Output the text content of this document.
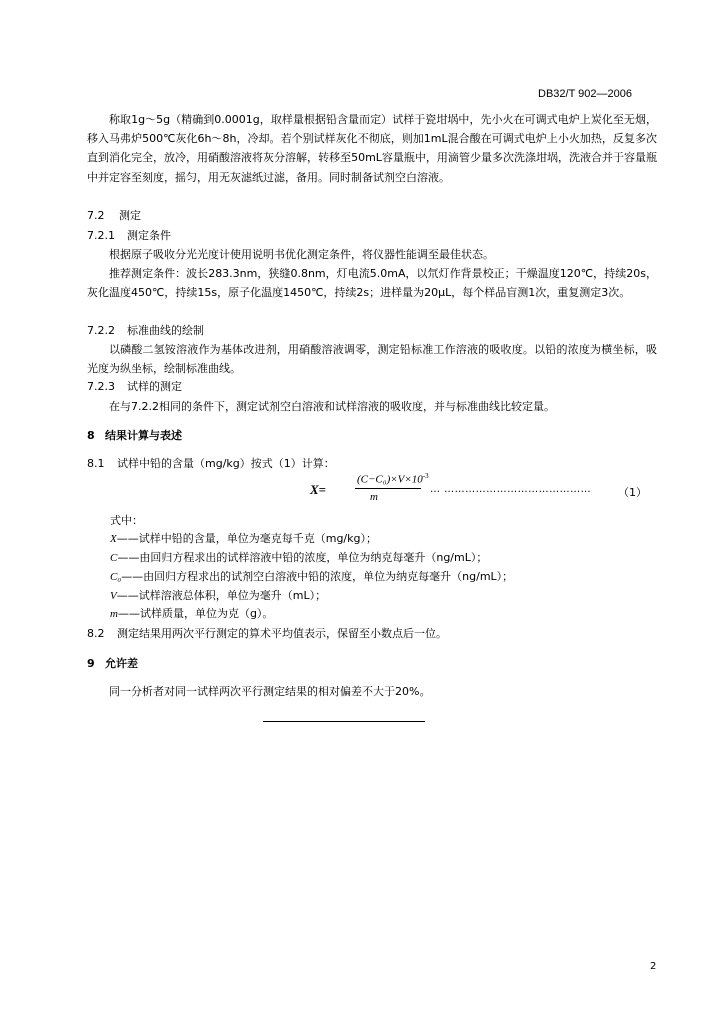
DB32/T 902—2006
称取1g～5g（精确到0.0001g，取样量根据铅含量而定）试样于瓷坩埚中，先小火在可调式电炉上炭化至无烟，移入马弗炉500℃灰化6h～8h，冷却。若个别试样灰化不彻底，则加1mL混合酸在可调式电炉上小火加热，反复多次直到消化完全，放冷，用硝酸溶液将灰分溶解，转移至50mL容量瓶中，用滴管少量多次洗涤坩埚，洗液合并于容量瓶中并定容至刻度，摇匀，用无灰滤纸过滤，备用。同时制备试剂空白溶液。
7.2 测定
7.2.1 测定条件
根据原子吸收分光光度计使用说明书优化测定条件，将仪器性能调至最佳状态。
推荐测定条件：波长283.3nm，狭缝0.8nm，灯电流5.0mA，以氘灯作背景校正；干燥温度120℃，持续20s，灰化温度450℃，持续15s，原子化温度1450℃，持续2s；进样量为20μL，每个样品盲测1次，重复测定3次。
7.2.2 标准曲线的绘制
以磷酸二氢铵溶液作为基体改进剂，用硝酸溶液调零，测定铅标准工作溶液的吸收度。以铅的浓度为横坐标，吸光度为纵坐标，绘制标准曲线。
7.2.3 试样的测定
在与7.2.2相同的条件下，测定试剂空白溶液和试样溶液的吸收度，并与标准曲线比较定量。
8 结果计算与表述
8.1 试样中铅的含量（mg/kg）按式（1）计算：
X=
$(C-C_0)\times V\times 10^{-3}$
m
… …………………………………… （1）
式中：
X——试样中铅的含量，单位为毫克每千克（mg/kg）；
C——由回归方程求出的试样溶液中铅的浓度，单位为纳克每毫升（ng/mL）；
C₀——由回归方程求出的试剂空白溶液中铅的浓度，单位为纳克每毫升（ng/mL）；
V——试样溶液总体积，单位为毫升（mL）；
m——试样质量，单位为克（g）。
8.2 测定结果用两次平行测定的算术平均值表示，保留至小数点后一位。
9 允许差
同一分析者对同一试样两次平行测定结果的相对偏差不大于20%。
2
